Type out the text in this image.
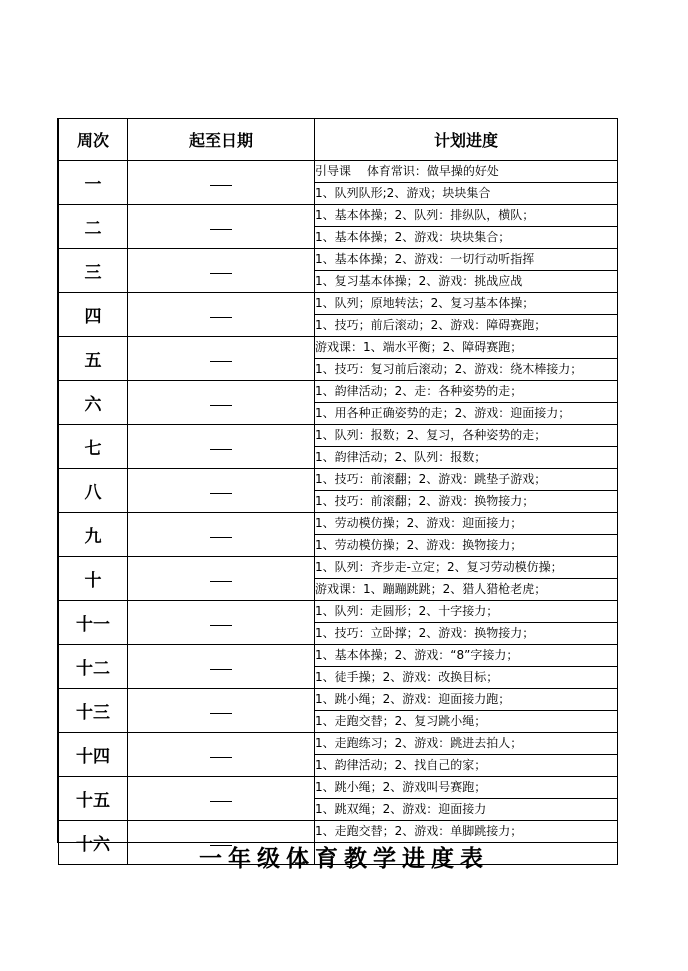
周次	起至日期	计划进度
一		引导课　 体育常识：做早操的好处
		1、队列队形;2、游戏；块块集合
二		1、基本体操；2、队列：排纵队，横队；
		1、基本体操；2、游戏：块块集合；
三		1、基本体操；2、游戏：一切行动听指挥
		1、复习基本体操；2、游戏：挑战应战
四		1、队列；原地转法；2、复习基本体操；
		1、技巧；前后滚动；2、游戏：障碍赛跑；
五		游戏课：1、端水平衡；2、障碍赛跑；
		1、技巧：复习前后滚动；2、游戏：绕木棒接力；
六		1、韵律活动；2、走：各种姿势的走；
		1、用各种正确姿势的走；2、游戏：迎面接力；
七		1、队列：报数；2、复习，各种姿势的走；
		1、韵律活动；2、队列：报数；
八		1、技巧：前滚翻；2、游戏：跳垫子游戏；
		1、技巧：前滚翻；2、游戏：换物接力；
九		1、劳动模仿操；2、游戏：迎面接力；
		1、劳动模仿操；2、游戏：换物接力；
十		1、队列：齐步走-立定；2、复习劳动模仿操；
		游戏课：1、蹦蹦跳跳；2、猎人猎枪老虎；
十一		1、队列：走圆形；2、十字接力；
		1、技巧：立卧撑；2、游戏：换物接力；
十二		1、基本体操；2、游戏：“8”字接力；
		1、徒手操；2、游戏：改换目标；
十三		1、跳小绳；2、游戏：迎面接力跑；
		1、走跑交替；2、复习跳小绳；
十四		1、走跑练习；2、游戏：跳进去拍人；
		1、韵律活动；2、找自己的家；
十五		1、跳小绳；2、游戏叫号赛跑；
		1、跳双绳；2、游戏：迎面接力
十六		1、走跑交替；2、游戏：单脚跳接力；

一年级体育教学进度表
